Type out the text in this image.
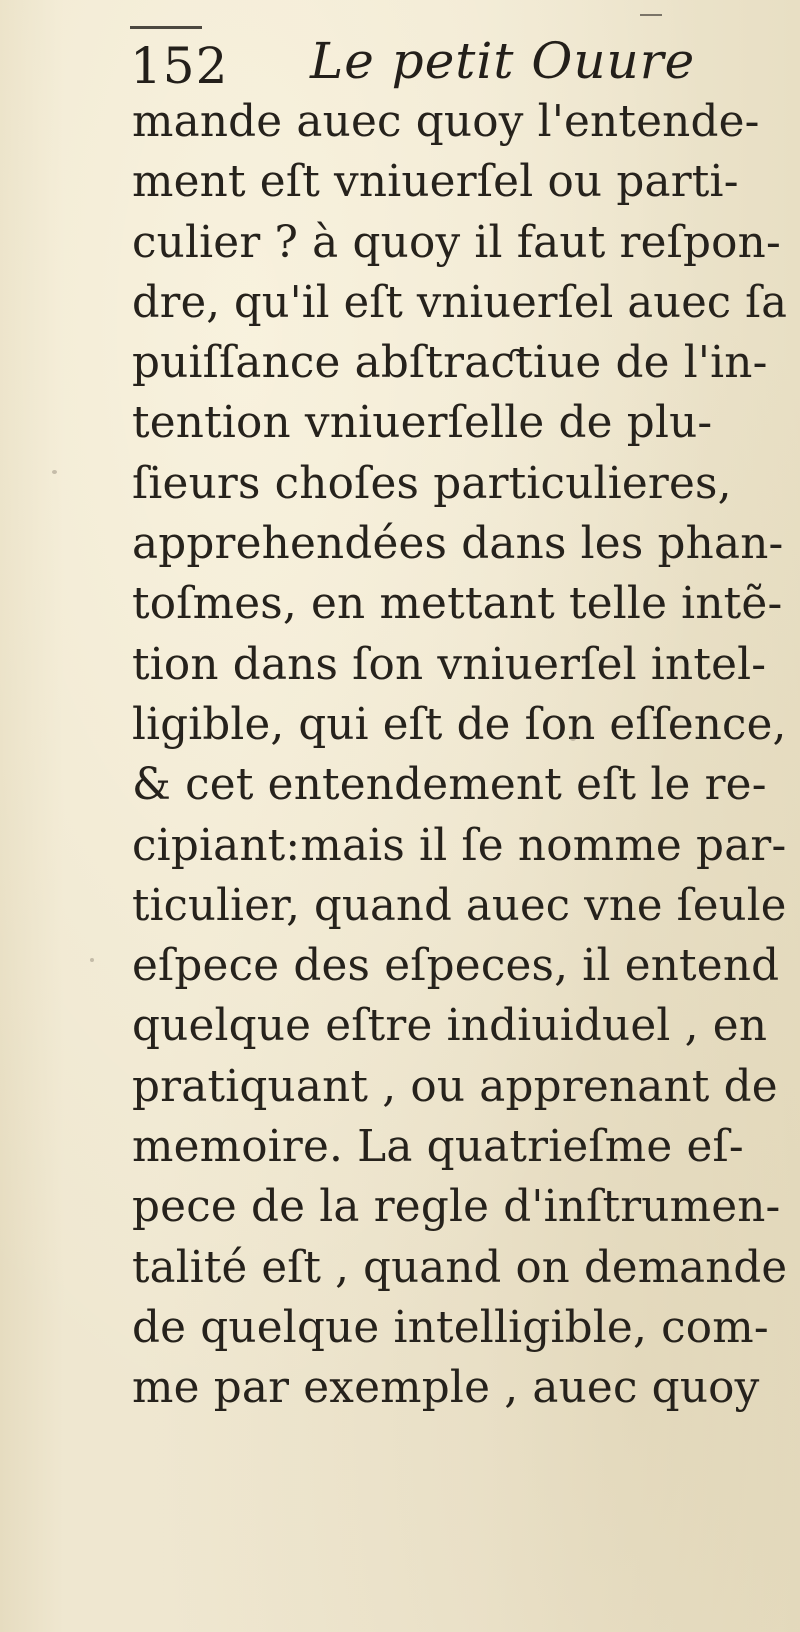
152 Le petit Ouure
mande auec quoy l'entende-
ment eſt vniuerſel ou parti-
culier ? à quoy il faut reſpon-
dre, qu'il eſt vniuerſel auec ſa
puiſſance abſtraƈtiue de l'in-
tention vniuerſelle de plu-
ſieurs choſes particulieres,
apprehendées dans les phan-
toſmes, en mettant telle intẽ-
tion dans ſon vniuerſel intel-
ligible, qui eſt de ſon eſſence,
& cet entendement eſt le re-
cipiant:mais il ſe nomme par-
ticulier, quand auec vne ſeule
eſpece des eſpeces, il entend
quelque eſtre indiuiduel , en
pratiquant , ou apprenant de
memoire. La quatrieſme eſ-
pece de la regle d'inſtrumen-
talité eſt , quand on demande
de quelque intelligible, com-
me par exemple , auec quoy
